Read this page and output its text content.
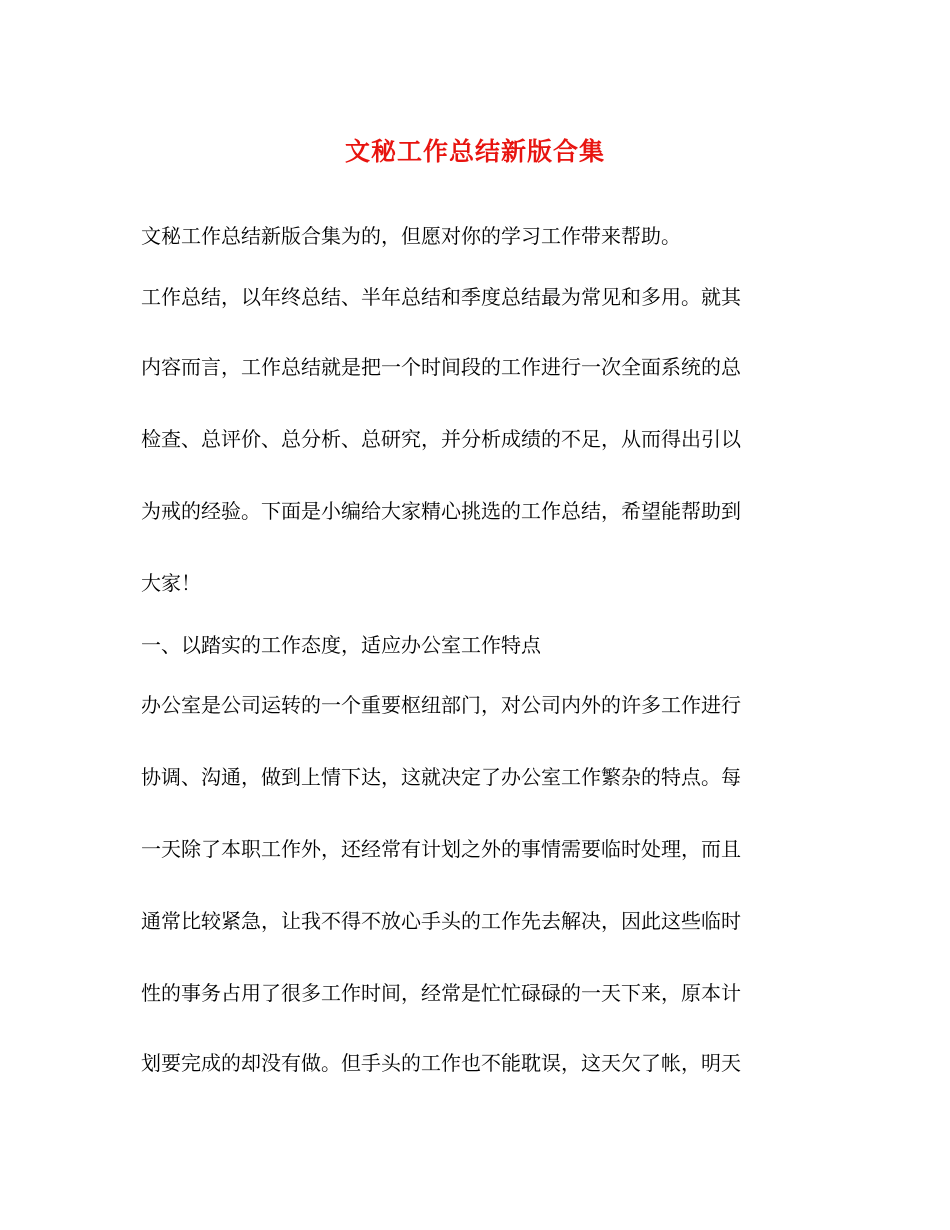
文秘工作总结新版合集
文秘工作总结新版合集为的，但愿对你的学习工作带来帮助。
工作总结，以年终总结、半年总结和季度总结最为常见和多用。就其
内容而言，工作总结就是把一个时间段的工作进行一次全面系统的总
检查、总评价、总分析、总研究，并分析成绩的不足，从而得出引以
为戒的经验。下面是小编给大家精心挑选的工作总结，希望能帮助到
大家！
一、以踏实的工作态度，适应办公室工作特点
办公室是公司运转的一个重要枢纽部门，对公司内外的许多工作进行
协调、沟通，做到上情下达，这就决定了办公室工作繁杂的特点。每
一天除了本职工作外，还经常有计划之外的事情需要临时处理，而且
通常比较紧急，让我不得不放心手头的工作先去解决，因此这些临时
性的事务占用了很多工作时间，经常是忙忙碌碌的一天下来，原本计
划要完成的却没有做。但手头的工作也不能耽误，这天欠了帐，明天
